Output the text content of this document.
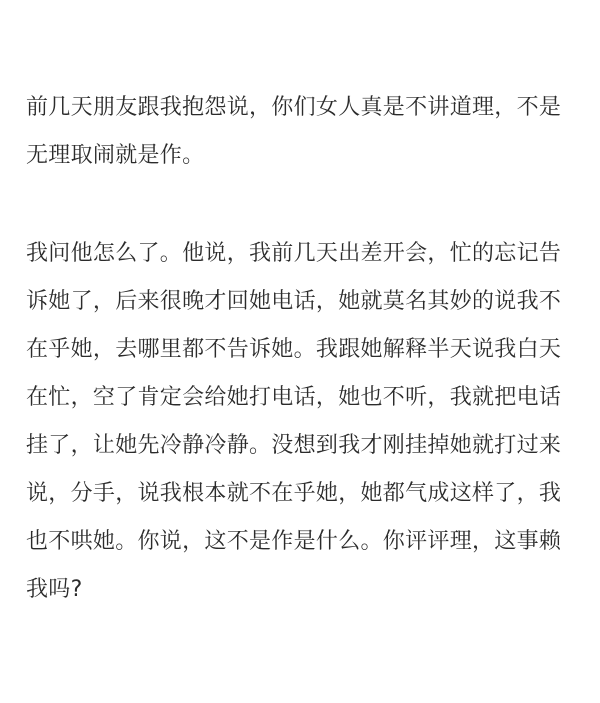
前几天朋友跟我抱怨说，你们女人真是不讲道理，不是
无理取闹就是作。

我问他怎么了。他说，我前几天出差开会，忙的忘记告
诉她了，后来很晚才回她电话，她就莫名其妙的说我不
在乎她，去哪里都不告诉她。我跟她解释半天说我白天
在忙，空了肯定会给她打电话，她也不听，我就把电话
挂了，让她先冷静冷静。没想到我才刚挂掉她就打过来
说，分手，说我根本就不在乎她，她都气成这样了，我
也不哄她。你说，这不是作是什么。你评评理，这事赖
我吗?
